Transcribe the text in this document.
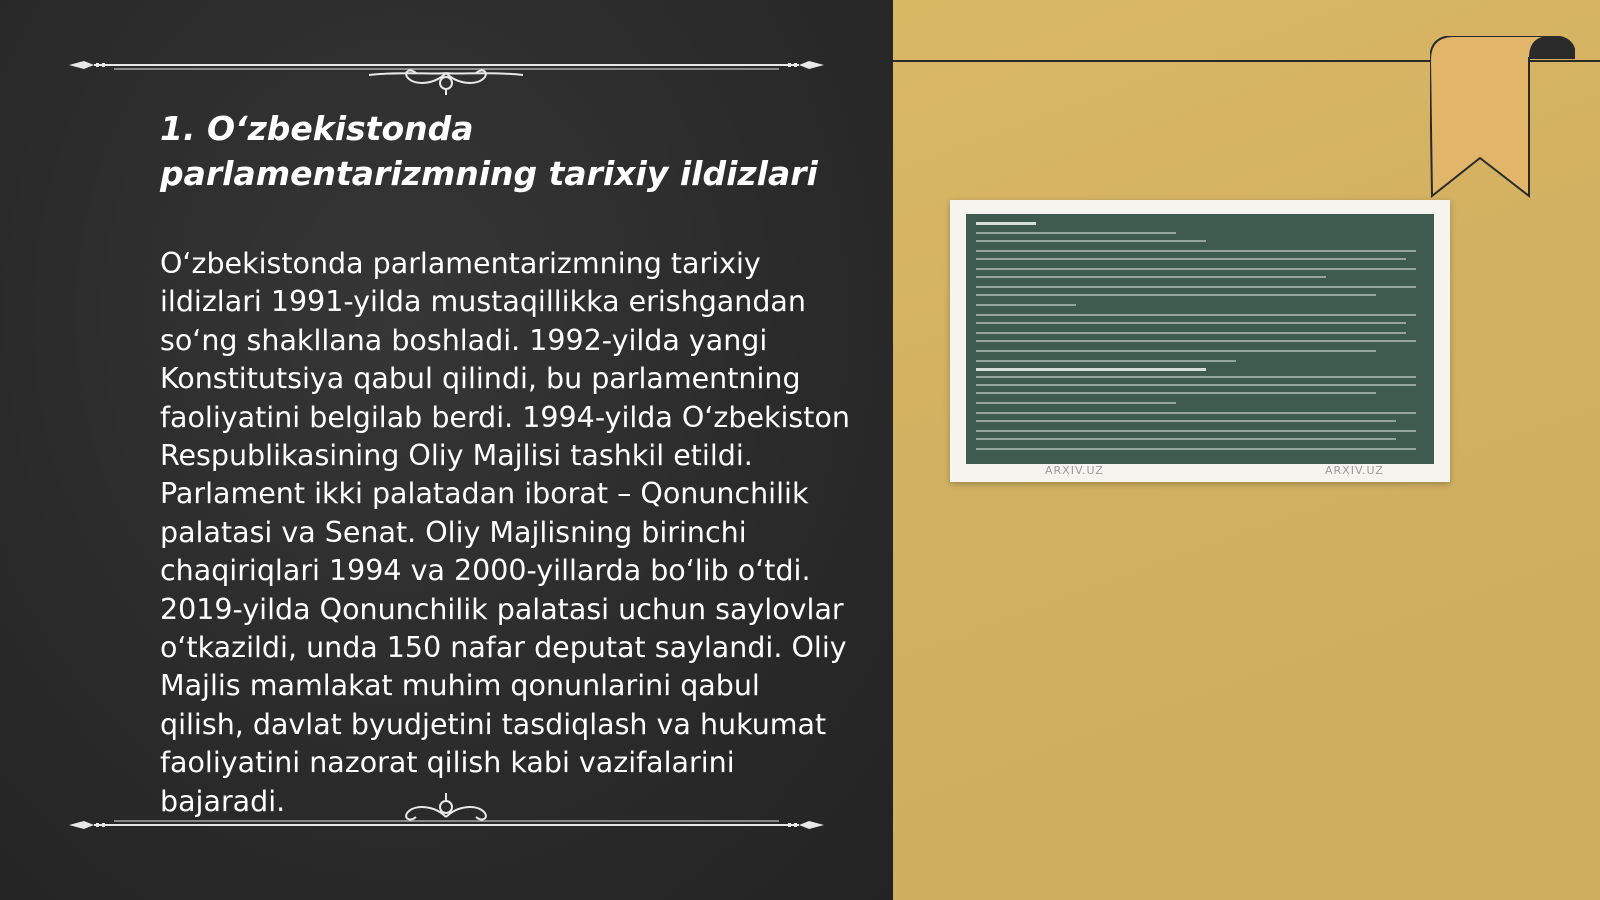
1. O‘zbekistonda parlamentarizmning tarixiy ildizlari

O‘zbekistonda parlamentarizmning tarixiy ildizlari 1991-yilda mustaqillikka erishgandan so‘ng shakllana boshladi. 1992-yilda yangi Konstitutsiya qabul qilindi, bu parlamentning faoliyatini belgilab berdi. 1994-yilda O‘zbekiston Respublikasining Oliy Majlisi tashkil etildi. Parlament ikki palatadan iborat – Qonunchilik palatasi va Senat. Oliy Majlisning birinchi chaqiriqlari 1994 va 2000-yillarda bo‘lib o‘tdi. 2019-yilda Qonunchilik palatasi uchun saylovlar o‘tkazildi, unda 150 nafar deputat saylandi. Oliy Majlis mamlakat muhim qonunlarini qabul qilish, davlat byudjetini tasdiqlash va hukumat faoliyatini nazorat qilish kabi vazifalarini bajaradi.

ARXIV.UZ	ARXIV.UZ
